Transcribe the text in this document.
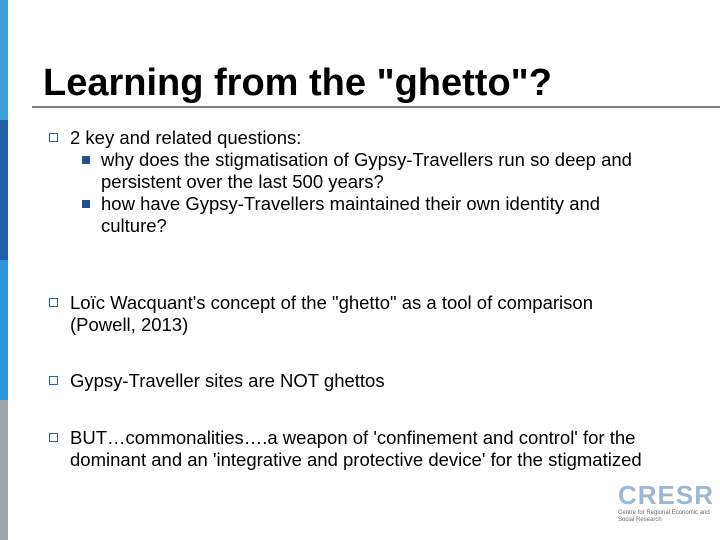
Learning from the "ghetto"?
2 key and related questions:
why does the stigmatisation of Gypsy-Travellers run so deep and persistent over the last 500 years?
how have Gypsy-Travellers maintained their own identity and culture?
Loïc Wacquant's concept of the "ghetto" as a tool of comparison (Powell, 2013)
Gypsy-Traveller sites are NOT ghettos
BUT…commonalities….a weapon of 'confinement and control' for the dominant and an 'integrative and protective device' for the stigmatized
CRESR
Centre for Regional Economic and Social Research
